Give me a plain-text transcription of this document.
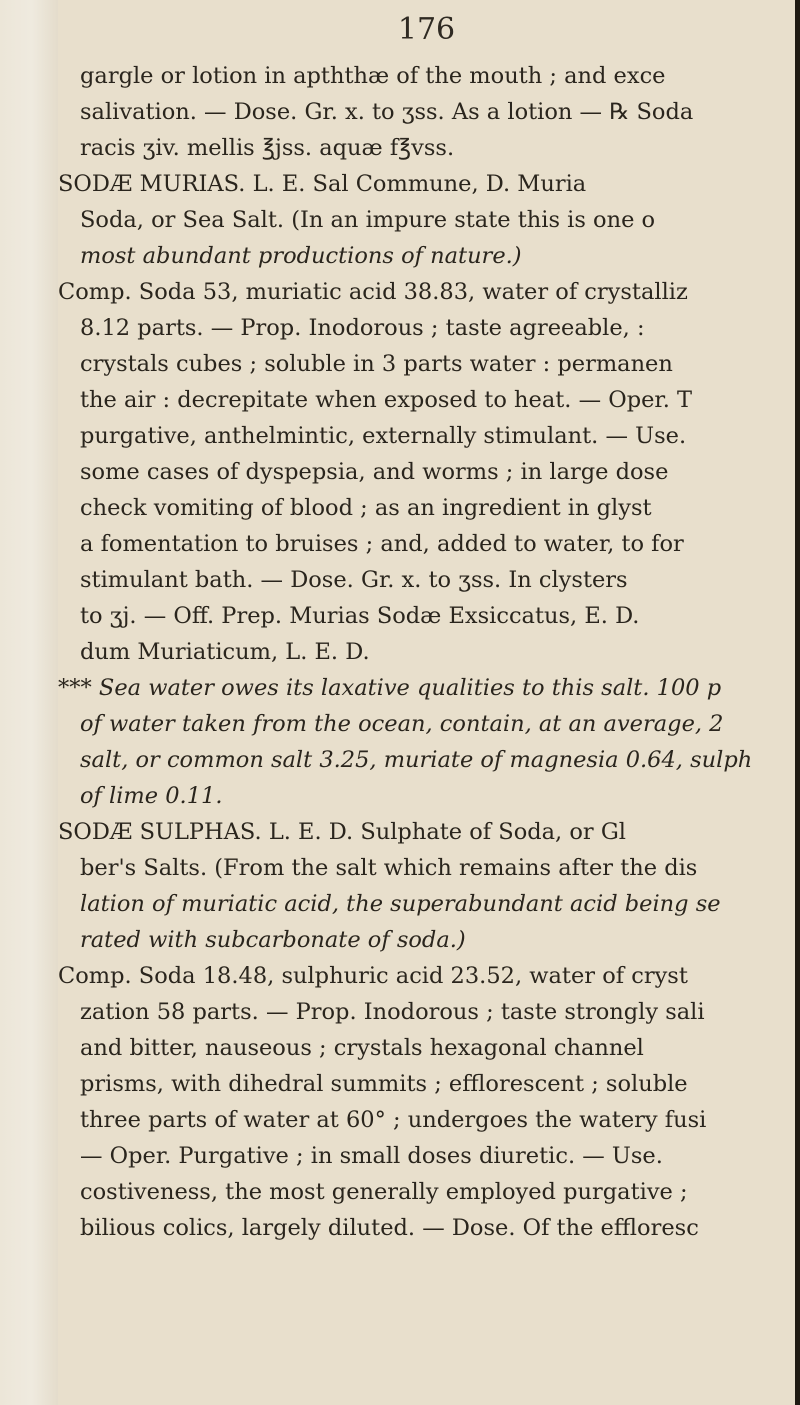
176
gargle or lotion in apththæ of the mouth ; and exce
salivation. — Dose. Gr. x. to ʒss. As a lotion — ℞ Soda
racis ʒiv. mellis ℥jss. aquæ f℥vss.
SODÆ MURIAS. L. E. Sal Commune, D. Muria
Soda, or Sea Salt. (In an impure state this is one o
most abundant productions of nature.)
Comp. Soda 53, muriatic acid 38.83, water of crystalliz
8.12 parts. — Prop. Inodorous ; taste agreeable, :
crystals cubes ; soluble in 3 parts water : permanen
the air : decrepitate when exposed to heat. — Oper. T
purgative, anthelmintic, externally stimulant. — Use.
some cases of dyspepsia, and worms ; in large dose
check vomiting of blood ; as an ingredient in glyst
a fomentation to bruises ; and, added to water, to for
stimulant bath. — Dose. Gr. x. to ʒss. In clysters
to ʒj. — Off. Prep. Murias Sodæ Exsiccatus, E. D.
dum Muriaticum, L. E. D.
*** Sea water owes its laxative qualities to this salt. 100 p
of water taken from the ocean, contain, at an average, 2
salt, or common salt 3.25, muriate of magnesia 0.64, sulph
of lime 0.11.
SODÆ SULPHAS. L. E. D. Sulphate of Soda, or Gl
ber's Salts. (From the salt which remains after the dis
lation of muriatic acid, the superabundant acid being se
rated with subcarbonate of soda.)
Comp. Soda 18.48, sulphuric acid 23.52, water of cryst
zation 58 parts. — Prop. Inodorous ; taste strongly sali
and bitter, nauseous ; crystals hexagonal channel
prisms, with dihedral summits ; efflorescent ; soluble
three parts of water at 60° ; undergoes the watery fusi
— Oper. Purgative ; in small doses diuretic. — Use.
costiveness, the most generally employed purgative ;
bilious colics, largely diluted. — Dose. Of the effloresc
